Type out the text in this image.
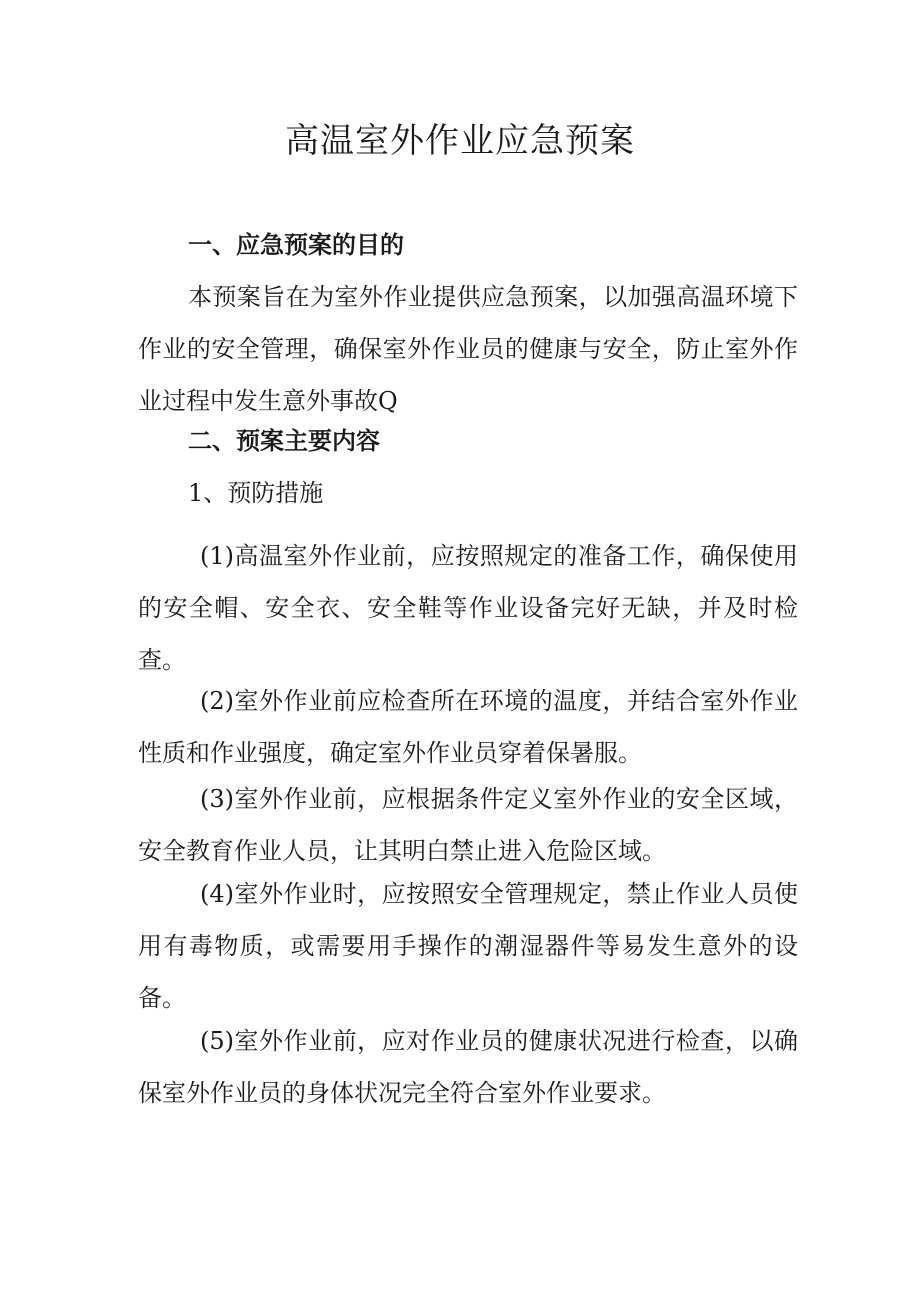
高温室外作业应急预案

一、应急预案的目的

本预案旨在为室外作业提供应急预案，以加强高温环境下作业的安全管理，确保室外作业员的健康与安全，防止室外作业过程中发生意外事故Q

二、预案主要内容

1、预防措施

(1)高温室外作业前，应按照规定的准备工作，确保使用的安全帽、安全衣、安全鞋等作业设备完好无缺，并及时检查。

(2)室外作业前应检查所在环境的温度，并结合室外作业性质和作业强度，确定室外作业员穿着保暑服。

(3)室外作业前，应根据条件定义室外作业的安全区域，安全教育作业人员，让其明白禁止进入危险区域。

(4)室外作业时，应按照安全管理规定，禁止作业人员使用有毒物质，或需要用手操作的潮湿器件等易发生意外的设备。

(5)室外作业前，应对作业员的健康状况进行检查，以确保室外作业员的身体状况完全符合室外作业要求。
